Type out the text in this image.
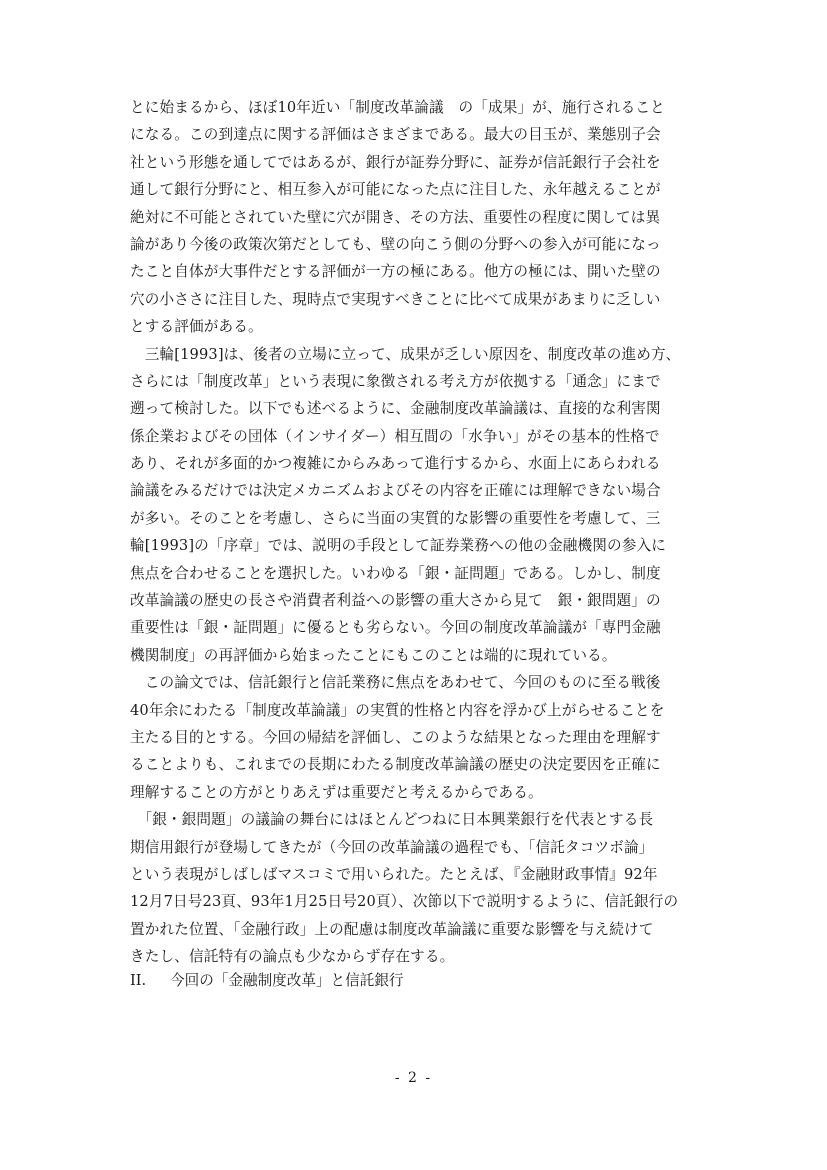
とに始まるから、ほぼ10年近い「制度改革論議　の「成果」が、施行されること
になる。この到達点に関する評価はさまざまである。最大の目玉が、業態別子会
社という形態を通してではあるが、銀行が証券分野に、証券が信託銀行子会社を
通して銀行分野にと、相互参入が可能になった点に注目した、永年越えることが
絶対に不可能とされていた壁に穴が開き、その方法、重要性の程度に関しては異
論があり今後の政策次第だとしても、壁の向こう側の分野への参入が可能になっ
たこと自体が大事件だとする評価が一方の極にある。他方の極には、開いた壁の
穴の小ささに注目した、現時点で実現すべきことに比べて成果があまりに乏しい
とする評価がある。
　三輪[1993]は、後者の立場に立って、成果が乏しい原因を、制度改革の進め方、
さらには「制度改革」という表現に象徴される考え方が依拠する「通念」にまで
遡って検討した。以下でも述べるように、金融制度改革論議は、直接的な利害関
係企業およびその団体（インサイダー）相互間の「水争い」がその基本的性格で
あり、それが多面的かつ複雑にからみあって進行するから、水面上にあらわれる
論議をみるだけでは決定メカニズムおよびその内容を正確には理解できない場合
が多い。そのことを考慮し、さらに当面の実質的な影響の重要性を考慮して、三
輪[1993]の「序章」では、説明の手段として証券業務への他の金融機関の参入に
焦点を合わせることを選択した。いわゆる「銀・証問題」である。しかし、制度
改革論議の歴史の長さや消費者利益への影響の重大さから見て　銀・銀問題」の
重要性は「銀・証問題」に優るとも劣らない。今回の制度改革論議が「専門金融
機関制度」の再評価から始まったことにもこのことは端的に現れている。
　この論文では、信託銀行と信託業務に焦点をあわせて、今回のものに至る戦後
40年余にわたる「制度改革論議」の実質的性格と内容を浮かび上がらせることを
主たる目的とする。今回の帰結を評価し、このような結果となった理由を理解す
ることよりも、これまでの長期にわたる制度改革論議の歴史の決定要因を正確に
理解することの方がとりあえずは重要だと考えるからである。
　「銀・銀問題」の議論の舞台にはほとんどつねに日本興業銀行を代表とする長
期信用銀行が登場してきたが（今回の改革論議の過程でも、「信託タコツボ論」
という表現がしばしばマスコミで用いられた。たとえば、『金融財政事情』92年
12月7日号23頁、93年1月25日号20頁）、次節以下で説明するように、信託銀行の
置かれた位置、「金融行政」上の配慮は制度改革論議に重要な影響を与え続けて
きたし、信託特有の論点も少なからず存在する。
II. 今回の「金融制度改革」と信託銀行
- 2 -
